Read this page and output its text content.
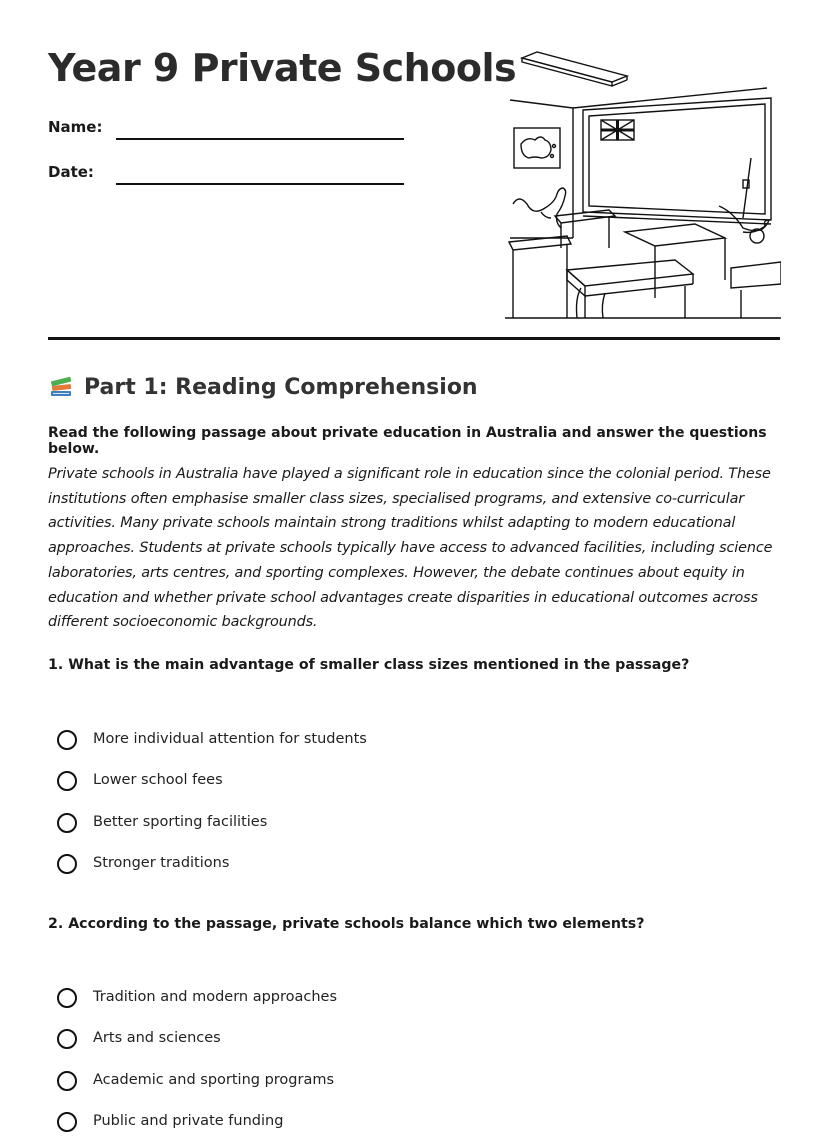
Year 9 Private Schools
Name:
Date:
Part 1: Reading Comprehension

Read the following passage about private education in Australia and answer the questions below.

Private schools in Australia have played a significant role in education since the colonial period. These institutions often emphasise smaller class sizes, specialised programs, and extensive co-curricular activities. Many private schools maintain strong traditions whilst adapting to modern educational approaches. Students at private schools typically have access to advanced facilities, including science laboratories, arts centres, and sporting complexes. However, the debate continues about equity in education and whether private school advantages create disparities in educational outcomes across different socioeconomic backgrounds.

1. What is the main advantage of smaller class sizes mentioned in the passage?

More individual attention for students
Lower school fees
Better sporting facilities
Stronger traditions

2. According to the passage, private schools balance which two elements?

Tradition and modern approaches
Arts and sciences
Academic and sporting programs
Public and private funding
